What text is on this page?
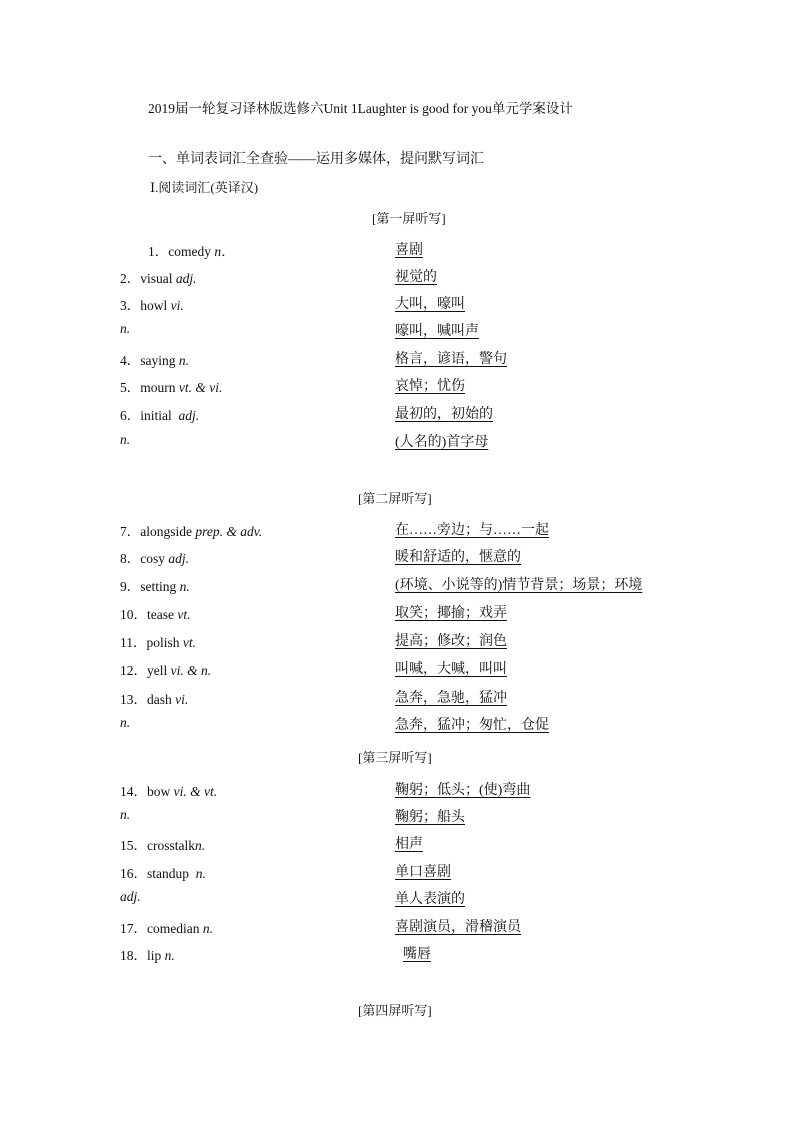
2019届一轮复习译林版选修六Unit 1Laughter is good for you单元学案设计
一、单词表词汇全查验——运用多媒体，提问默写词汇
Ⅰ.阅读词汇(英译汉)
[第一屏听写]
1．comedy n．	喜剧
2．visual adj.	视觉的
3．howl vi.	大叫，嚎叫
n.	嚎叫，喊叫声
4．saying n.	格言，谚语，警句
5．mourn vt. & vi.	哀悼；忧伤
6．initial  adj.	最初的，初始的
n.	(人名的)首字母
[第二屏听写]
7．alongside prep. & adv.	在……旁边；与……一起
8．cosy adj.	暖和舒适的，惬意的
9．setting n.	(环境、小说等的)情节背景；场景；环境
10．tease vt.	取笑；揶揄；戏弄
11．polish vt.	提高；修改；润色
12．yell vi. & n.	叫喊，大喊，叫叫
13．dash vi.	急奔，急驰，猛冲
n.	急奔，猛冲；匆忙，仓促
[第三屏听写]
14．bow vi. & vt.	鞠躬；低头；(使)弯曲
n.	鞠躬；船头
15．crosstalkn.	相声
16．standup  n.	单口喜剧
adj.	单人表演的
17．comedian n.	喜剧演员，滑稽演员
18．lip n.	嘴唇
[第四屏听写]
